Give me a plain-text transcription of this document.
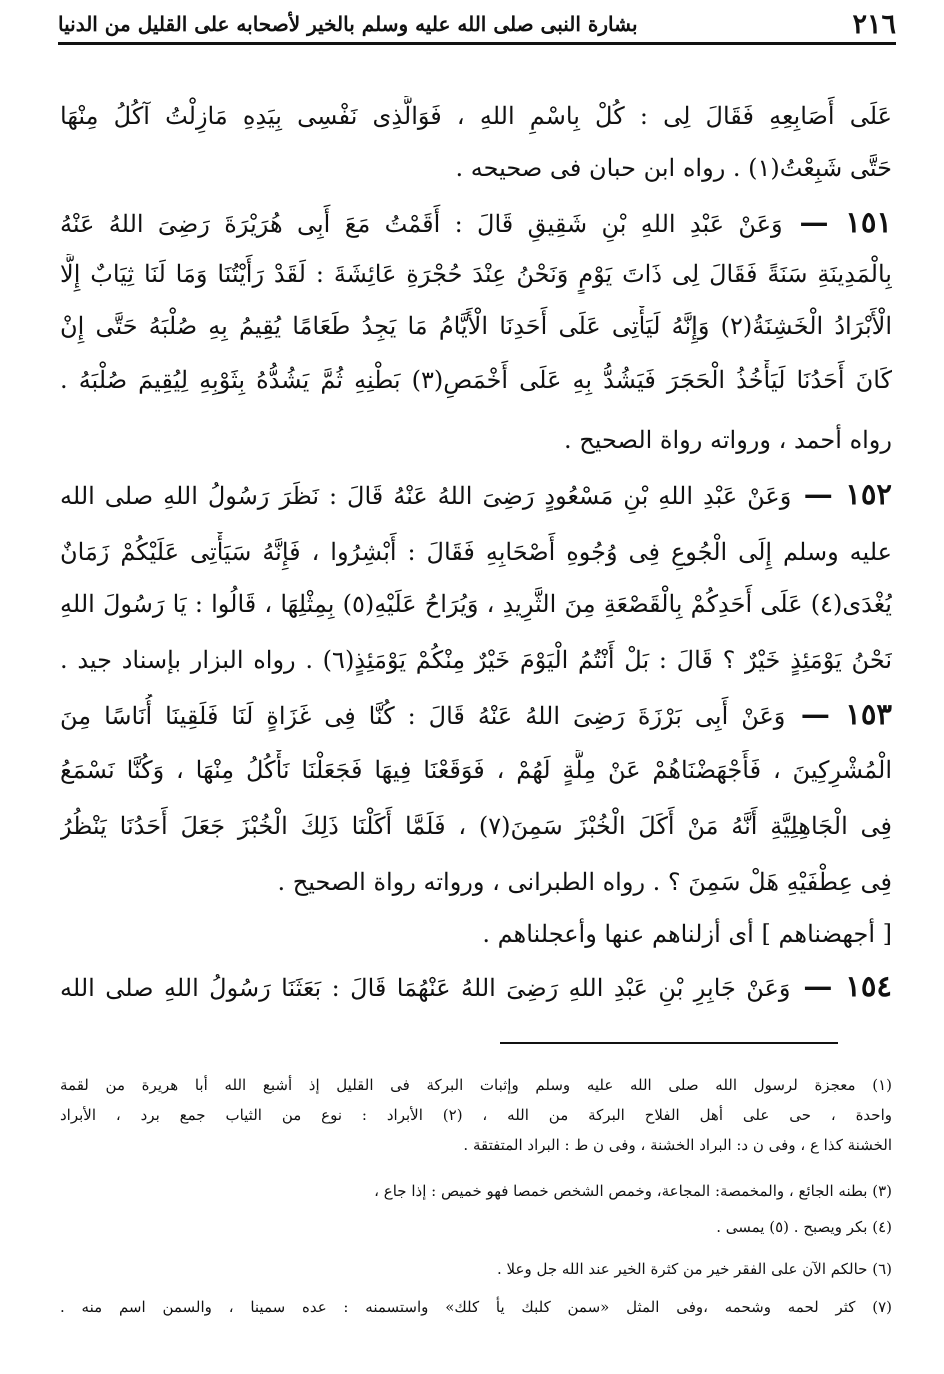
٢١٦
بشارة النبى صلى الله عليه وسلم بالخير لأصحابه على القليل من الدنيا
عَلَى أَصَابِعِهِ فَقَالَ لِى : كُلْ بِاسْمِ اللهِ ، فَوَالَّذِى نَفْسِى بِيَدِهِ مَازِلْتُ آكُلُ مِنْهَا
حَتَّى شَبِعْتُ(١) . رواه ابن حبان فى صحيحه .
١٥١ — وَعَنْ عَبْدِ اللهِ بْنِ شَقِيقٍ قَالَ : أَقَمْتُ مَعَ أَبِى هُرَيْرَةَ رَضِىَ اللهُ عَنْهُ
بِالْمَدِينَةِ سَنَةً فَقَالَ لِى ذَاتَ يَوْمٍ وَنَحْنُ عِنْدَ حُجْرَةِ عَائِشَةَ : لَقَدْ رَأَيْتُنَا وَمَا لَنَا ثِيَابٌ إِلَّا
الْأَبْرَادُ الْخَشِنَةُ(٢) وَإِنَّهُ لَيَأْتِى عَلَى أَحَدِنَا الْأَيَّامُ مَا يَجِدُ طَعَامًا يُقِيمُ بِهِ صُلْبَهُ حَتَّى إِنْ
كَانَ أَحَدُنَا لَيَأْخُذُ الْحَجَرَ فَيَشُدُّ بِهِ عَلَى أَخْمَصِ(٣) بَطْنِهِ ثُمَّ يَشُدُّهُ بِثَوْبِهِ لِيُقِيمَ صُلْبَهُ .
رواه أحمد ، ورواته رواة الصحيح .
١٥٢ — وَعَنْ عَبْدِ اللهِ بْنِ مَسْعُودٍ رَضِىَ اللهُ عَنْهُ قَالَ : نَظَرَ رَسُولُ اللهِ صلى الله
عليه وسلم إِلَى الْجُوعِ فِى وُجُوهِ أَصْحَابِهِ فَقَالَ : أَبْشِرُوا ، فَإِنَّهُ سَيَأْتِى عَلَيْكُمْ زَمَانٌ
يُغْدَى(٤) عَلَى أَحَدِكُمْ بِالْقَصْعَةِ مِنَ الثَّرِيدِ ، وَيُرَاحُ عَلَيْهِ(٥) بِمِثْلِهَا ، قَالُوا : يَا رَسُولَ اللهِ
نَحْنُ يَوْمَئِذٍ خَيْرٌ ؟ قَالَ : بَلْ أَنْتُمُ الْيَوْمَ خَيْرٌ مِنْكُمْ يَوْمَئِذٍ(٦) . رواه البزار بإسناد جيد .
١٥٣ — وَعَنْ أَبِى بَرْزَةَ رَضِىَ اللهُ عَنْهُ قَالَ : كُنَّا فِى غَزَاةٍ لَنَا فَلَقِينَا أُنَاسًا مِنَ
الْمُشْرِكِينَ ، فَأَجْهَضْنَاهُمْ عَنْ مِلَّةٍ لَهُمْ ، فَوَقَعْنَا فِيهَا فَجَعَلْنَا نَأْكُلُ مِنْهَا ، وَكُنَّا نَسْمَعُ
فِى الْجَاهِلِيَّةِ أَنَّهُ مَنْ أَكَلَ الْخُبْزَ سَمِنَ(٧) ، فَلَمَّا أَكَلْنَا ذَلِكَ الْخُبْزَ جَعَلَ أَحَدُنَا يَنْظُرُ
فِى عِطْفَيْهِ هَلْ سَمِنَ ؟ . رواه الطبرانى ، ورواته رواة الصحيح .
[ أجهضناهم ] أى أزلناهم عنها وأعجلناهم .
١٥٤ — وَعَنْ جَابِرِ بْنِ عَبْدِ اللهِ رَضِىَ اللهُ عَنْهُمَا قَالَ : بَعَثَنَا رَسُولُ اللهِ صلى الله
(١) معجزة لرسول الله صلى الله عليه وسلم وإثبات البركة فى القليل إذ أشبع الله أبا هريرة من لقمة
واحدة ، حى على أهل الفلاح البركة من الله ، (٢) الأبراد : نوع من الثياب جمع برد ، الأبراد
الخشنة كذا ع ، وفى ن د: البراد الخشنة ، وفى ن ط : البراد المتفتقة .
(٣) بطنه الجائع ، والمخمصة: المجاعة، وخمص الشخص خمصا فهو خميص : إذا جاع ،
(٤) بكر ويصبح . (٥) يمسى .
(٦) حالكم الآن على الفقر خير من كثرة الخير عند الله جل وعلا .
(٧) كثر لحمه وشحمه ،وفى المثل «سمن كلبك يأ كلك» واستسمنه : عده سمينا ، والسمن اسم منه .
